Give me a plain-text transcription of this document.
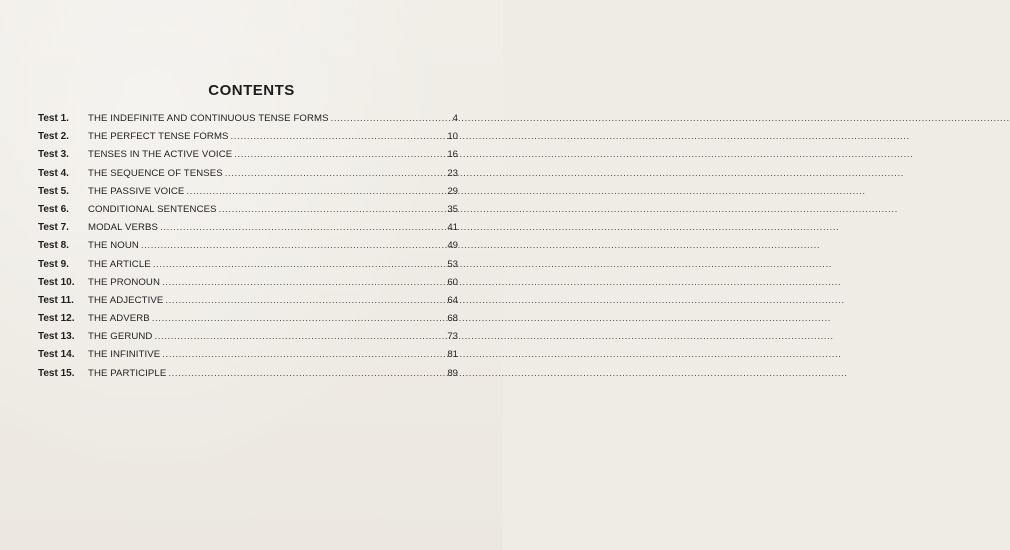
CONTENTS
Test 1.	THE INDEFINITE AND CONTINUOUS TENSE FORMS .....	4
Test 2.	THE PERFECT TENSE FORMS .....	10
Test 3.	TENSES IN THE ACTIVE VOICE .....	16
Test 4.	THE SEQUENCE OF TENSES .....	23
Test 5.	THE PASSIVE VOICE .....	29
Test 6.	CONDITIONAL SENTENCES .....	35
Test 7.	MODAL VERBS .....	41
Test 8.	THE NOUN .....	49
Test 9.	THE ARTICLE .....	53
Test 10.	THE PRONOUN .....	60
Test 11.	THE ADJECTIVE .....	64
Test 12.	THE ADVERB .....	68
Test 13.	THE GERUND .....	73
Test 14.	THE INFINITIVE .....	81
Test 15.	THE PARTICIPLE .....	89
